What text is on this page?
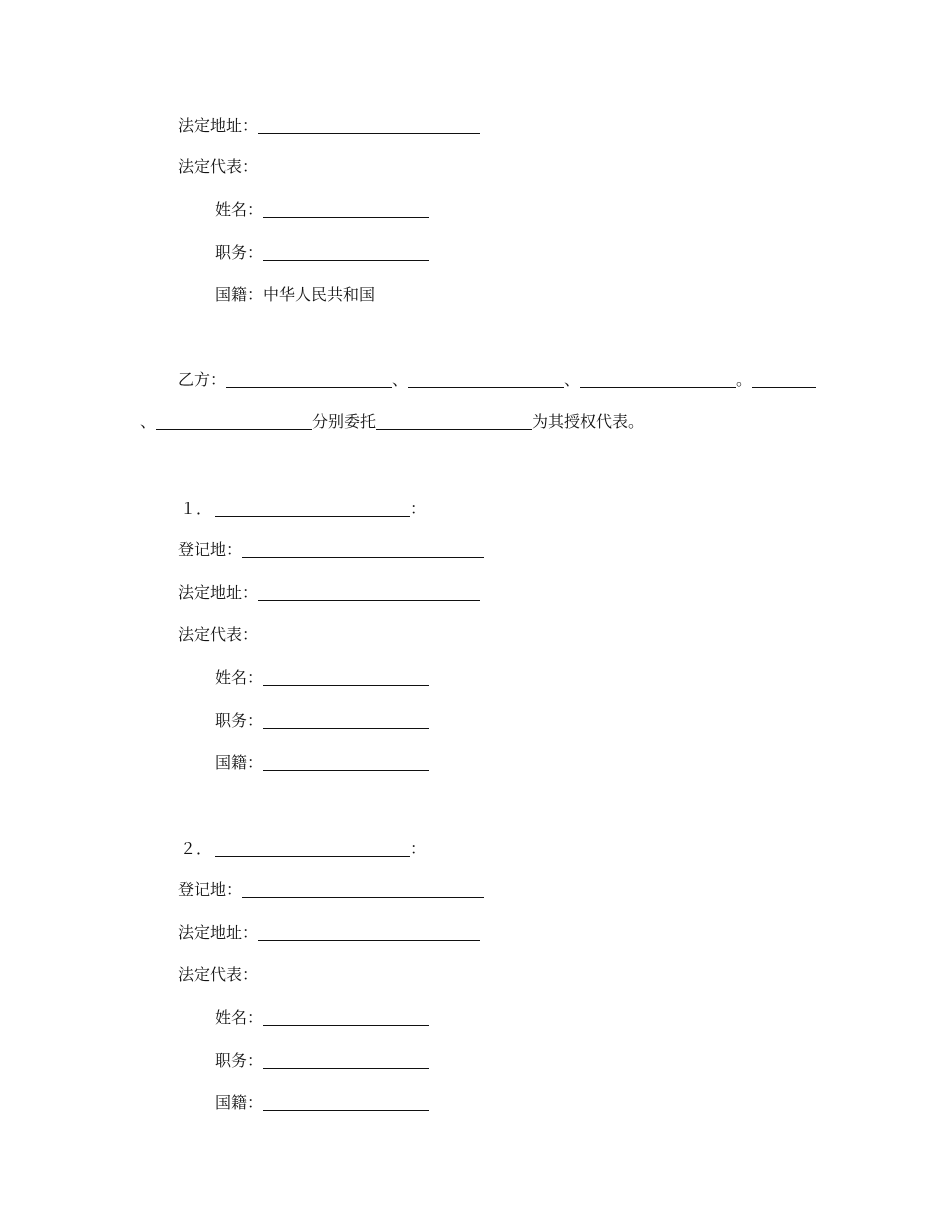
法定地址：
法定代表：
姓名：
职务：
国籍：中华人民共和国
乙方：	、	、	。
、	分别委托	为其授权代表。
１．	：
登记地：
法定地址：
法定代表：
姓名：
职务：
国籍：
２．	：
登记地：
法定地址：
法定代表：
姓名：
职务：
国籍：
